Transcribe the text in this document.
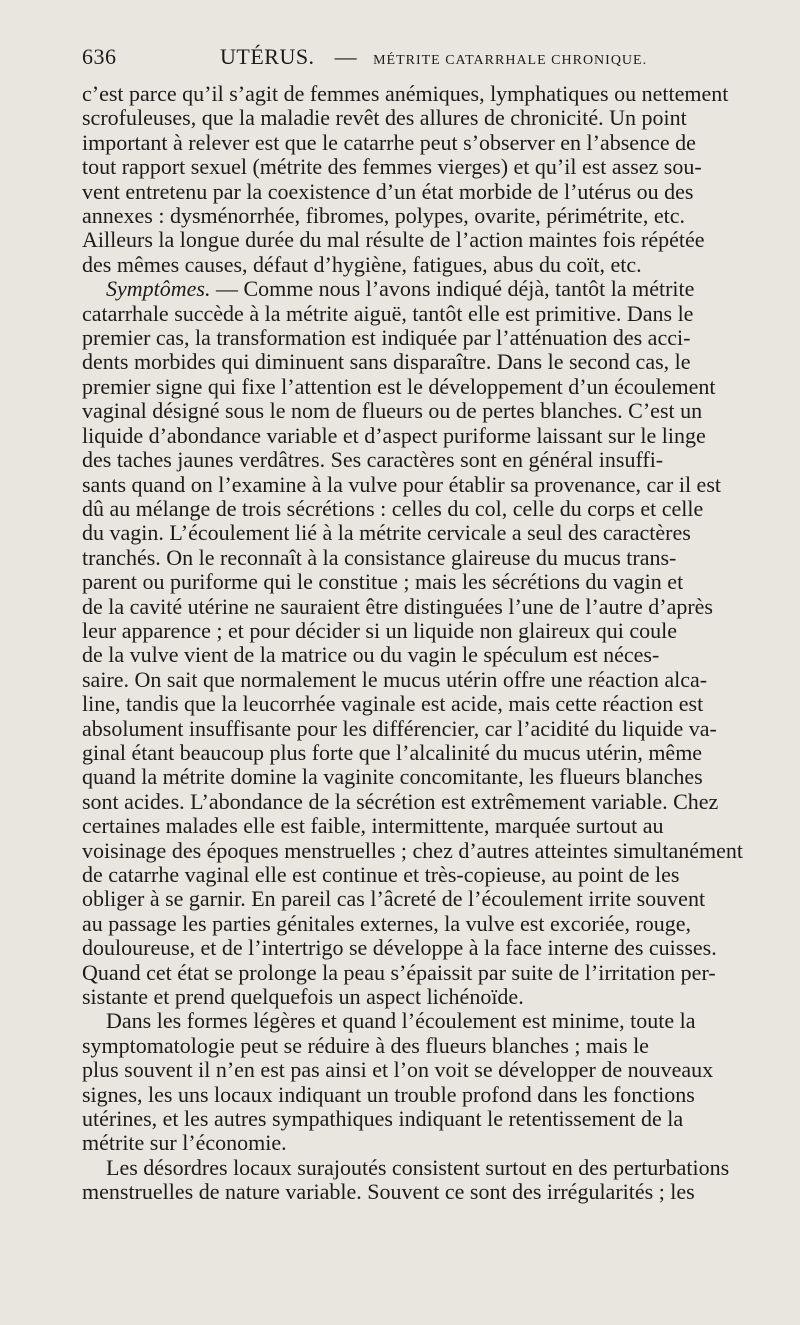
636	UTÉRUS. — MÉTRITE CATARRHALE CHRONIQUE.

c’est parce qu’il s’agit de femmes anémiques, lymphatiques ou nettement
scrofuleuses, que la maladie revêt des allures de chronicité. Un point
important à relever est que le catarrhe peut s’observer en l’absence de
tout rapport sexuel (métrite des femmes vierges) et qu’il est assez sou-
vent entretenu par la coexistence d’un état morbide de l’utérus ou des
annexes : dysménorrhée, fibromes, polypes, ovarite, périmétrite, etc.
Ailleurs la longue durée du mal résulte de l’action maintes fois répétée
des mêmes causes, défaut d’hygiène, fatigues, abus du coït, etc.

Symptômes. — Comme nous l’avons indiqué déjà, tantôt la métrite
catarrhale succède à la métrite aiguë, tantôt elle est primitive. Dans le
premier cas, la transformation est indiquée par l’atténuation des acci-
dents morbides qui diminuent sans disparaître. Dans le second cas, le
premier signe qui fixe l’attention est le développement d’un écoulement
vaginal désigné sous le nom de flueurs ou de pertes blanches. C’est un
liquide d’abondance variable et d’aspect puriforme laissant sur le linge
des taches jaunes verdâtres. Ses caractères sont en général insuffi-
sants quand on l’examine à la vulve pour établir sa provenance, car il est
dû au mélange de trois sécrétions : celles du col, celle du corps et celle
du vagin. L’écoulement lié à la métrite cervicale a seul des caractères
tranchés. On le reconnaît à la consistance glaireuse du mucus trans-
parent ou puriforme qui le constitue ; mais les sécrétions du vagin et
de la cavité utérine ne sauraient être distinguées l’une de l’autre d’après
leur apparence ; et pour décider si un liquide non glaireux qui coule
de la vulve vient de la matrice ou du vagin le spéculum est néces-
saire. On sait que normalement le mucus utérin offre une réaction alca-
line, tandis que la leucorrhée vaginale est acide, mais cette réaction est
absolument insuffisante pour les différencier, car l’acidité du liquide va-
ginal étant beaucoup plus forte que l’alcalinité du mucus utérin, même
quand la métrite domine la vaginite concomitante, les flueurs blanches
sont acides. L’abondance de la sécrétion est extrêmement variable. Chez
certaines malades elle est faible, intermittente, marquée surtout au
voisinage des époques menstruelles ; chez d’autres atteintes simultanément
de catarrhe vaginal elle est continue et très-copieuse, au point de les
obliger à se garnir. En pareil cas l’âcreté de l’écoulement irrite souvent
au passage les parties génitales externes, la vulve est excoriée, rouge,
douloureuse, et de l’intertrigo se développe à la face interne des cuisses.
Quand cet état se prolonge la peau s’épaissit par suite de l’irritation per-
sistante et prend quelquefois un aspect lichénoïde.

Dans les formes légères et quand l’écoulement est minime, toute la
symptomatologie peut se réduire à des flueurs blanches ; mais le
plus souvent il n’en est pas ainsi et l’on voit se développer de nouveaux
signes, les uns locaux indiquant un trouble profond dans les fonctions
utérines, et les autres sympathiques indiquant le retentissement de la
métrite sur l’économie.

Les désordres locaux surajoutés consistent surtout en des perturbations
menstruelles de nature variable. Souvent ce sont des irrégularités ; les
